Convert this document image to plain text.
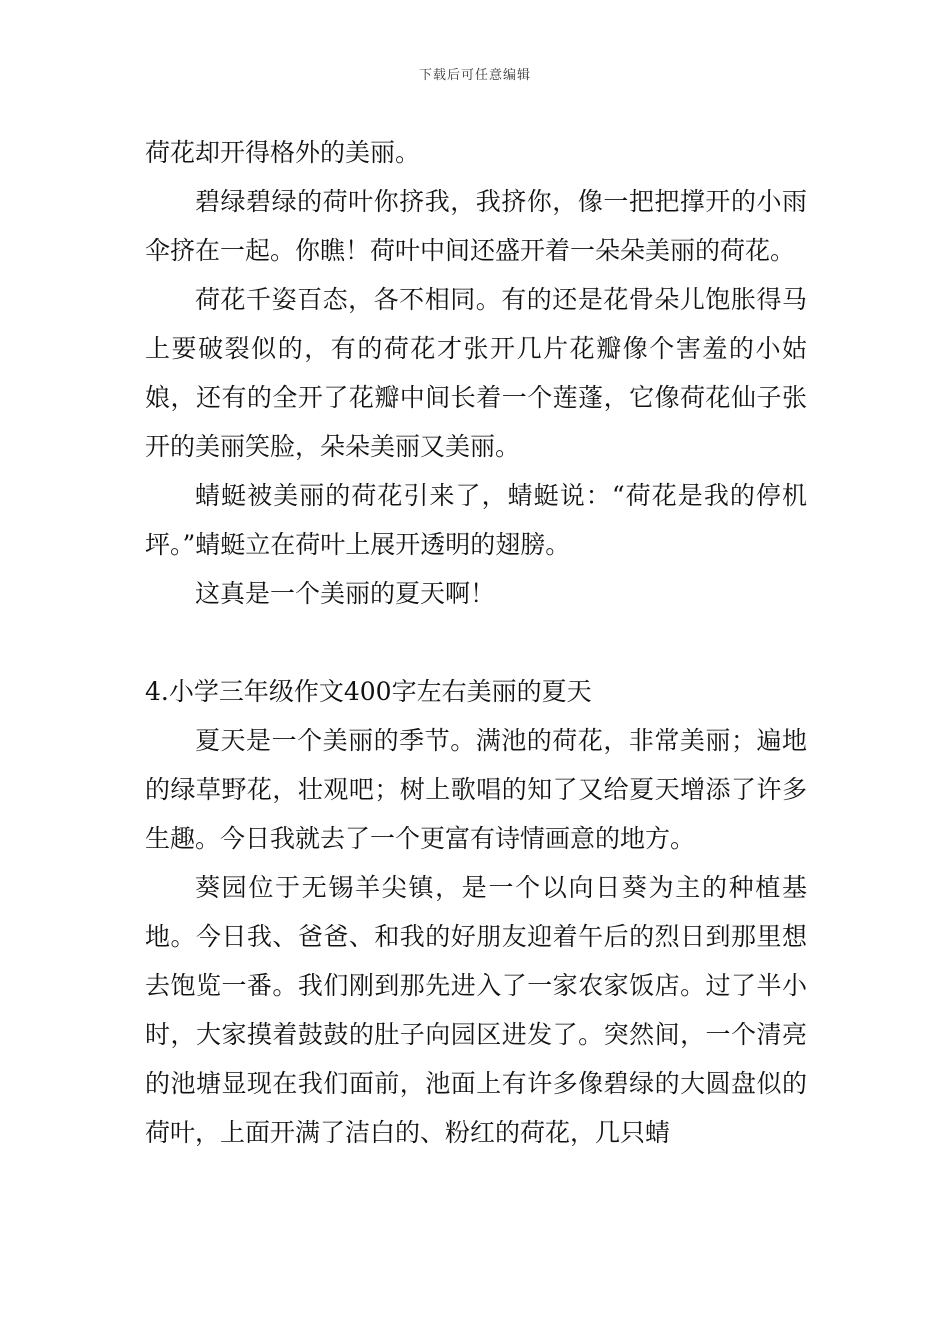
下载后可任意编辑

荷花却开得格外的美丽。

碧绿碧绿的荷叶你挤我，我挤你，像一把把撑开的小雨伞挤在一起。你瞧！荷叶中间还盛开着一朵朵美丽的荷花。

荷花千姿百态，各不相同。有的还是花骨朵儿饱胀得马上要破裂似的，有的荷花才张开几片花瓣像个害羞的小姑娘，还有的全开了花瓣中间长着一个莲蓬，它像荷花仙子张开的美丽笑脸，朵朵美丽又美丽。

蜻蜓被美丽的荷花引来了，蜻蜓说：“荷花是我的停机坪。”蜻蜓立在荷叶上展开透明的翅膀。

这真是一个美丽的夏天啊！

4.小学三年级作文400字左右美丽的夏天

夏天是一个美丽的季节。满池的荷花，非常美丽；遍地的绿草野花，壮观吧；树上歌唱的知了又给夏天增添了许多生趣。今日我就去了一个更富有诗情画意的地方。

葵园位于无锡羊尖镇，是一个以向日葵为主的种植基地。今日我、爸爸、和我的好朋友迎着午后的烈日到那里想去饱览一番。我们刚到那先进入了一家农家饭店。过了半小时，大家摸着鼓鼓的肚子向园区进发了。突然间，一个清亮的池塘显现在我们面前，池面上有许多像碧绿的大圆盘似的荷叶，上面开满了洁白的、粉红的荷花，几只蜻
